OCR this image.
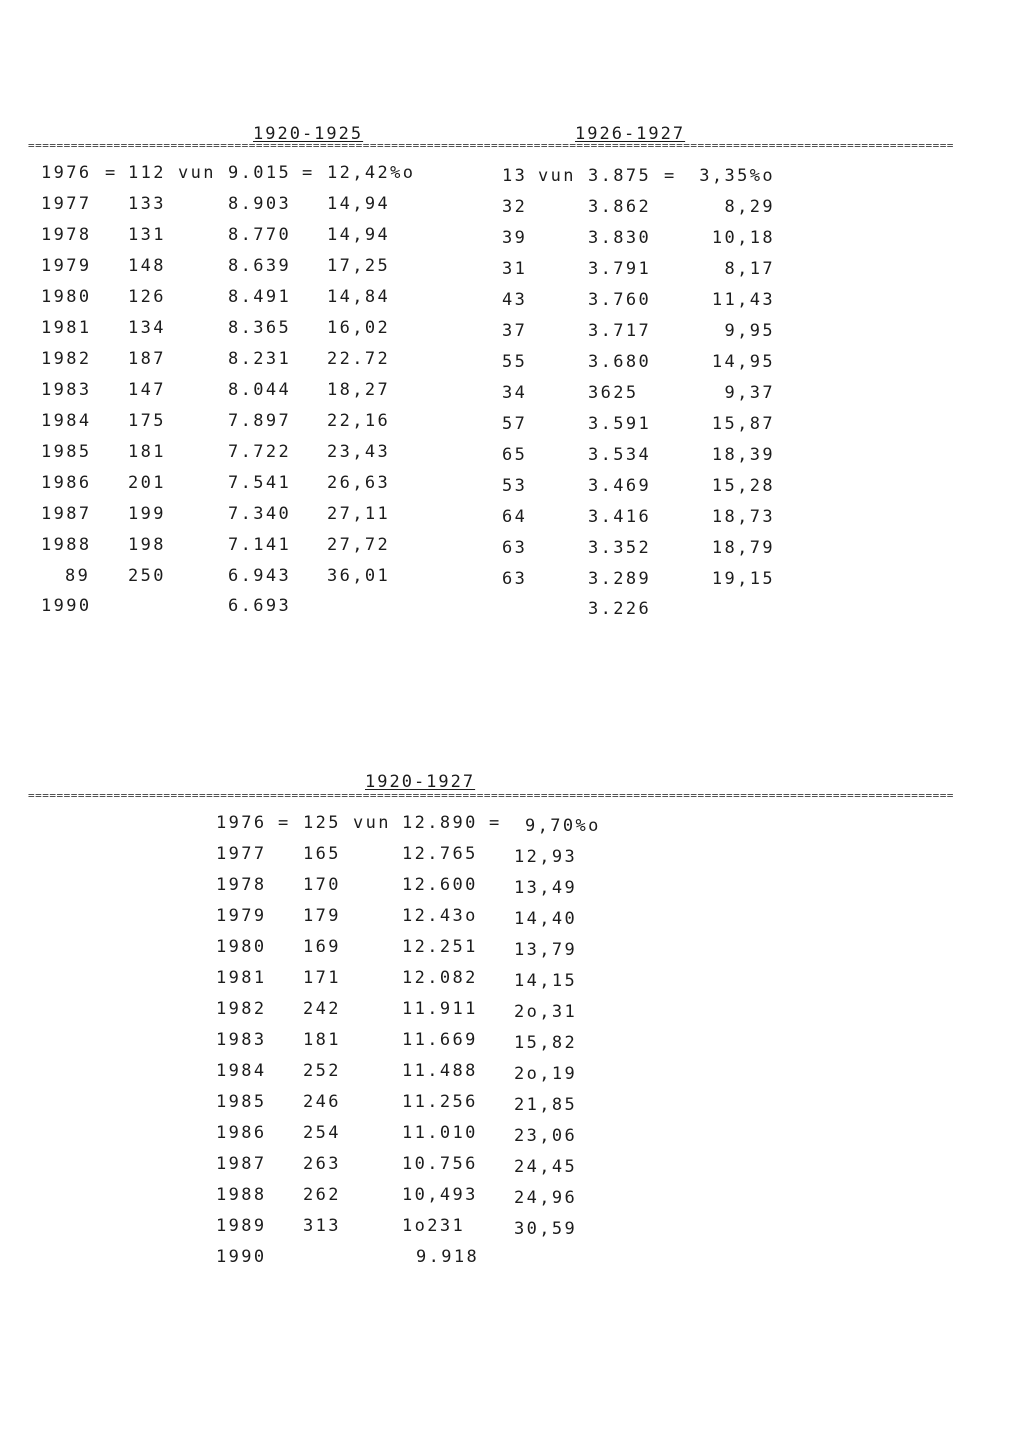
==================================================================================================================================
1920-1925	1926-1927
1976 = 112 vun 9.015 = 12,42%o	13 vun 3.875 =	3,35%o
1977 133	8.903 14,94	32	3.862	8,29
1978 131	8.770 14,94	39	3.830	10,18
1979 148	8.639 17,25	31	3.791	8,17
1980 126	8.491 14,84	43	3.760	11,43
1981 134	8.365 16,02	37	3.717	9,95
1982 187	8.231 22.72	55	3.680	14,95
1983 147	8.044 18,27	34	3625	9,37
1984 175	7.897 22,16	57	3.591	15,87
1985 181	7.722 23,43	65	3.534	18,39
1986 201	7.541 26,63	53	3.469	15,28
1987 199	7.340 27,11	64	3.416	18,73
1988 198	7.141 27,72	63	3.352	18,79
89 250	6.943 36,01	63	3.289	19,15
1990	6.693	3.226
==================================================================================================================================
1920-1927
1976 = 125 vun 12.890 = 9,70%o
1977 165	12.765 12,93
1978 170	12.600 13,49
1979 179	12.43o 14,40
1980 169	12.251 13,79
1981 171	12.082 14,15
1982 242	11.911 2o,31
1983 181	11.669 15,82
1984 252	11.488 2o,19
1985 246	11.256 21,85
1986 254	11.010 23,06
1987 263	10.756 24,45
1988 262	10,493 24,96
1989 313	1o231	30,59
1990	9.918
